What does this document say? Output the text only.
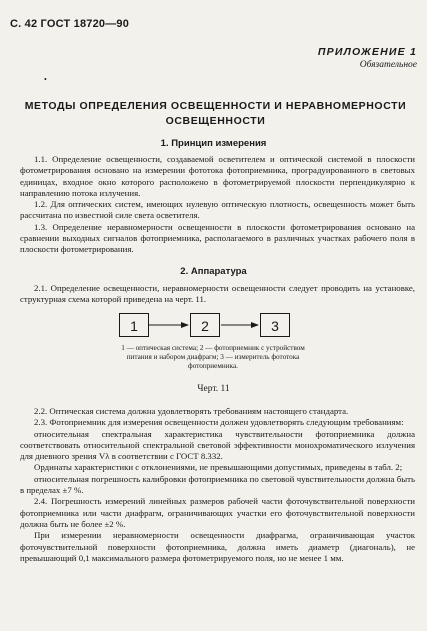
С. 42 ГОСТ 18720—90
ПРИЛОЖЕНИЕ 1
Обязательное
•
МЕТОДЫ ОПРЕДЕЛЕНИЯ ОСВЕЩЕННОСТИ И НЕРАВНОМЕРНОСТИ ОСВЕЩЕННОСТИ
1. Принцип измерения

1.1. Определение освещенности, создаваемой осветителем и оптической системой в плоскости фотометрирования основано на измерении фототока фотоприемника, проградуированного в световых единицах, входное окно которого расположено в фотометрируемой плоскости перпендикулярно к направлению потока излучения.

1.2. Для оптических систем, имеющих нулевую оптическую плотность, освещенность может быть рассчитана по известной силе света осветителя.

1.3. Определение неравномерности освещенности в плоскости фотометрирования основано на сравнении выходных сигналов фотоприемника, располагаемого в различных участках рабочего поля в плоскости фотометрирования.

2. Аппаратура

2.1. Определение освещенности, неравномерности освещенности следует проводить на установке, структурная схема которой приведена на черт. 11.

1	2	3
1 — оптическая система; 2 — фотоприемник с устройством питания и набором диафрагм; 3 — измеритель фототока фотоприемника.
Черт. 11

2.2. Оптическая система должна удовлетворять требованиям настоящего стандарта.

2.3. Фотоприемник для измерения освещенности должен удовлетворять следующим требованиям:

относительная спектральная характеристика чувствительности фотоприемника должна соответствовать относительной спектральной световой эффективности монохроматического излучения для дневного зрения Vλ в соответствии с ГОСТ 8.332.

Ординаты характеристики с отклонениями, не превышающими допустимых, приведены в табл. 2;

относительная погрешность калибровки фотоприемника по световой чувствительности должна быть в пределах ±7 %.

2.4. Погрешность измерений линейных размеров рабочей части фоточувствительной поверхности фотоприемника или части диафрагм, ограничивающих участки его фоточувствительной поверхности должна быть не более ±2 %.

При измерении неравномерности освещенности диафрагма, ограничивающая участок фоточувствительной поверхности фотоприемника, должна иметь диаметр (диагональ), не превышающий 0,1 максимального размера фотометрируемого поля, но не менее 1 мм.
